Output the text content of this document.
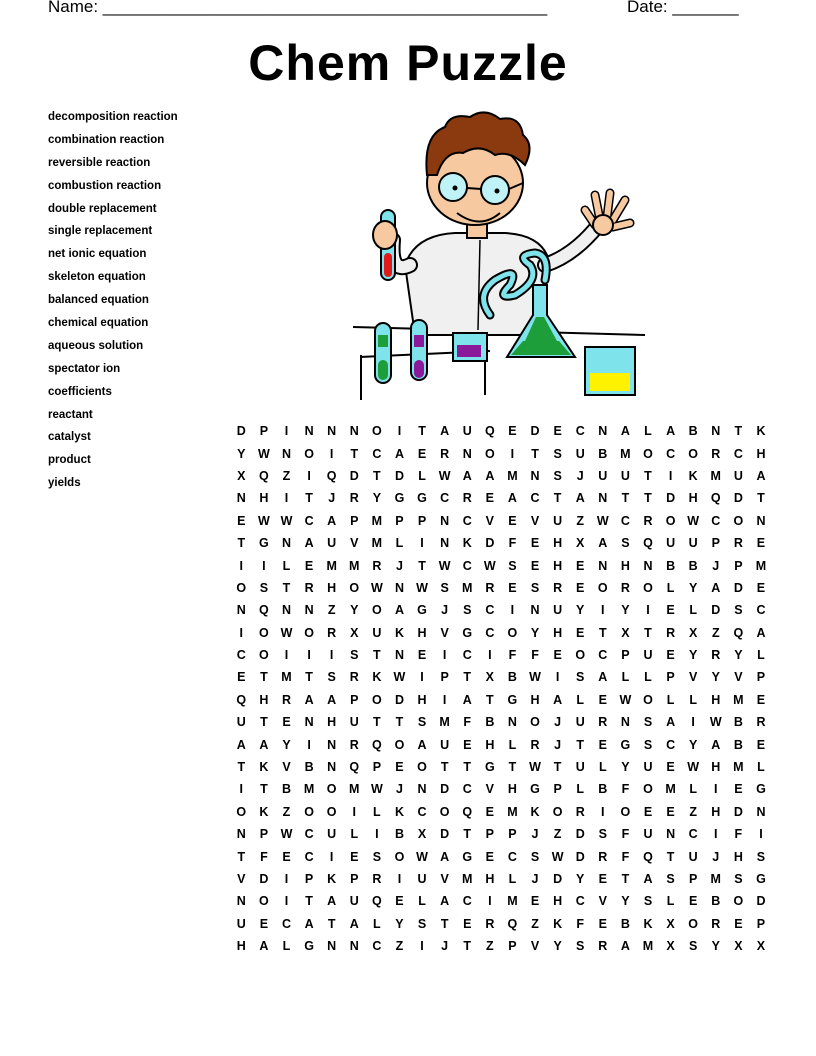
Name: _______________________________________________	Date: _______
Chem Puzzle
decomposition reaction
combination reaction
reversible reaction
combustion reaction
double replacement
single replacement
net ionic equation
skeleton equation
balanced equation
chemical equation
aqueous solution
spectator ion
coefficients
reactant
catalyst
product
yields
D	P	I	N	N	N	O	I	T	A	U	Q	E	D	E	C	N	A	L	A	B	N	T	K
Y	W	N	O	I	T	C	A	E	R	N	O	I	T	S	U	B	M	O	C	O	R	C	H
X	Q	Z	I	Q	D	T	D	L	W	A	A	M	N	S	J	U	U	T	I	K	M	U	A
N	H	I	T	J	R	Y	G	G	C	R	E	A	C	T	A	N	T	T	D	H	Q	D	T
E	W	W	C	A	P	M	P	P	N	C	V	E	V	U	Z	W	C	R	O	W	C	O	N
T	G	N	A	U	V	M	L	I	N	K	D	F	E	H	X	A	S	Q	U	U	P	R	E
I	I	L	E	M	M	R	J	T	W	C	W	S	E	H	E	N	H	N	B	B	J	P	M
O	S	T	R	H	O	W	N	W	S	M	R	E	S	R	E	O	R	O	L	Y	A	D	E
N	Q	N	N	Z	Y	O	A	G	J	S	C	I	N	U	Y	I	Y	I	E	L	D	S	C
I	O	W	O	R	X	U	K	H	V	G	C	O	Y	H	E	T	X	T	R	X	Z	Q	A
C	O	I	I	I	S	T	N	E	I	C	I	F	F	E	O	C	P	U	E	Y	R	Y	L
E	T	M	T	S	R	K	W	I	P	T	X	B	W	I	S	A	L	L	P	V	Y	V	P
Q	H	R	A	A	P	O	D	H	I	A	T	G	H	A	L	E	W	O	L	L	H	M	E
U	T	E	N	H	U	T	T	S	M	F	B	N	O	J	U	R	N	S	A	I	W	B	R
A	A	Y	I	N	R	Q	O	A	U	E	H	L	R	J	T	E	G	S	C	Y	A	B	E
T	K	V	B	N	Q	P	E	O	T	T	G	T	W	T	U	L	Y	U	E	W	H	M	L
I	T	B	M	O	M	W	J	N	D	C	V	H	G	P	L	B	F	O	M	L	I	E	G
O	K	Z	O	O	I	L	K	C	O	Q	E	M	K	O	R	I	O	E	E	Z	H	D	N
N	P	W	C	U	L	I	B	X	D	T	P	P	J	Z	D	S	F	U	N	C	I	F	I
T	F	E	C	I	E	S	O	W	A	G	E	C	S	W	D	R	F	Q	T	U	J	H	S
V	D	I	P	K	P	R	I	U	V	M	H	L	J	D	Y	E	T	A	S	P	M	S	G
N	O	I	T	A	U	Q	E	L	A	C	I	M	E	H	C	V	Y	S	L	E	B	O	D
U	E	C	A	T	A	L	Y	S	T	E	R	Q	Z	K	F	E	B	K	X	O	R	E	P
H	A	L	G	N	N	C	Z	I	J	T	Z	P	V	Y	S	R	A	M	X	S	Y	X	X
